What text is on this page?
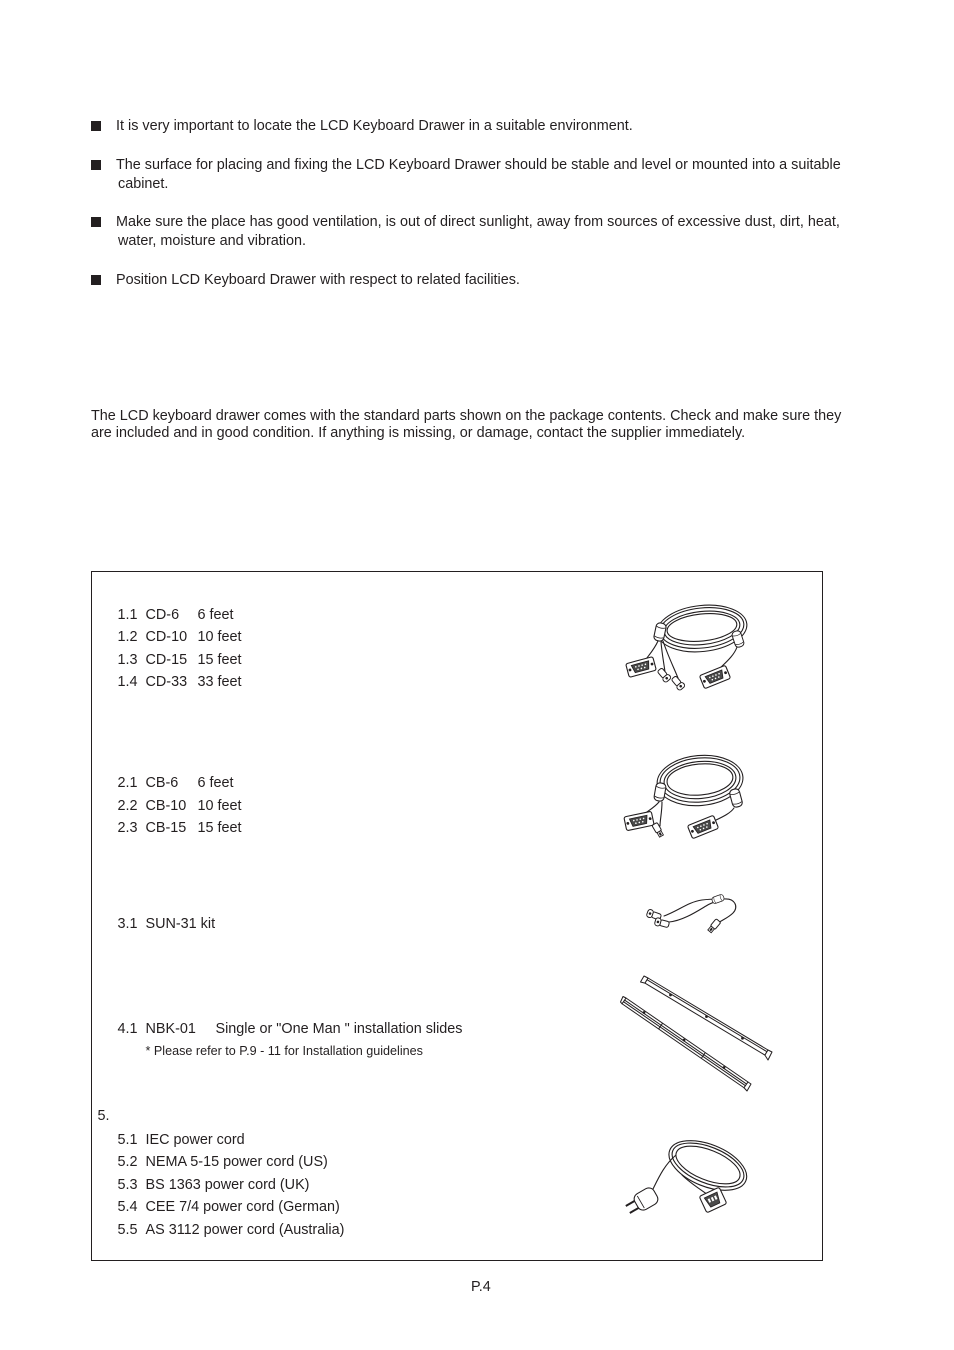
It is very important to locate the LCD Keyboard Drawer in a suitable environment.
The surface for placing and fixing the LCD Keyboard Drawer should be stable and level or mounted into a suitable
cabinet.
Make sure the place has good ventilation, is out of direct sunlight, away from sources of excessive dust, dirt, heat,
water, moisture and vibration.
Position LCD Keyboard Drawer with respect to related facilities.
The LCD keyboard drawer comes with the standard parts shown on the package contents. Check and make sure they
are included and in good condition. If anything is missing, or damage, contact the supplier immediately.
1.1 CD-6 6 feet
1.2 CD-10 10 feet
1.3 CD-15 15 feet
1.4 CD-33 33 feet
2.1 CB-6 6 feet
2.2 CB-10 10 feet
2.3 CB-15 15 feet
3.1 SUN-31 kit
4.1 NBK-01 Single or "One Man " installation slides
* Please refer to P.9 - 11 for Installation guidelines
5.
5.1 IEC power cord
5.2 NEMA 5-15 power cord (US)
5.3 BS 1363 power cord (UK)
5.4 CEE 7/4 power cord (German)
5.5 AS 3112 power cord (Australia)
P.4
